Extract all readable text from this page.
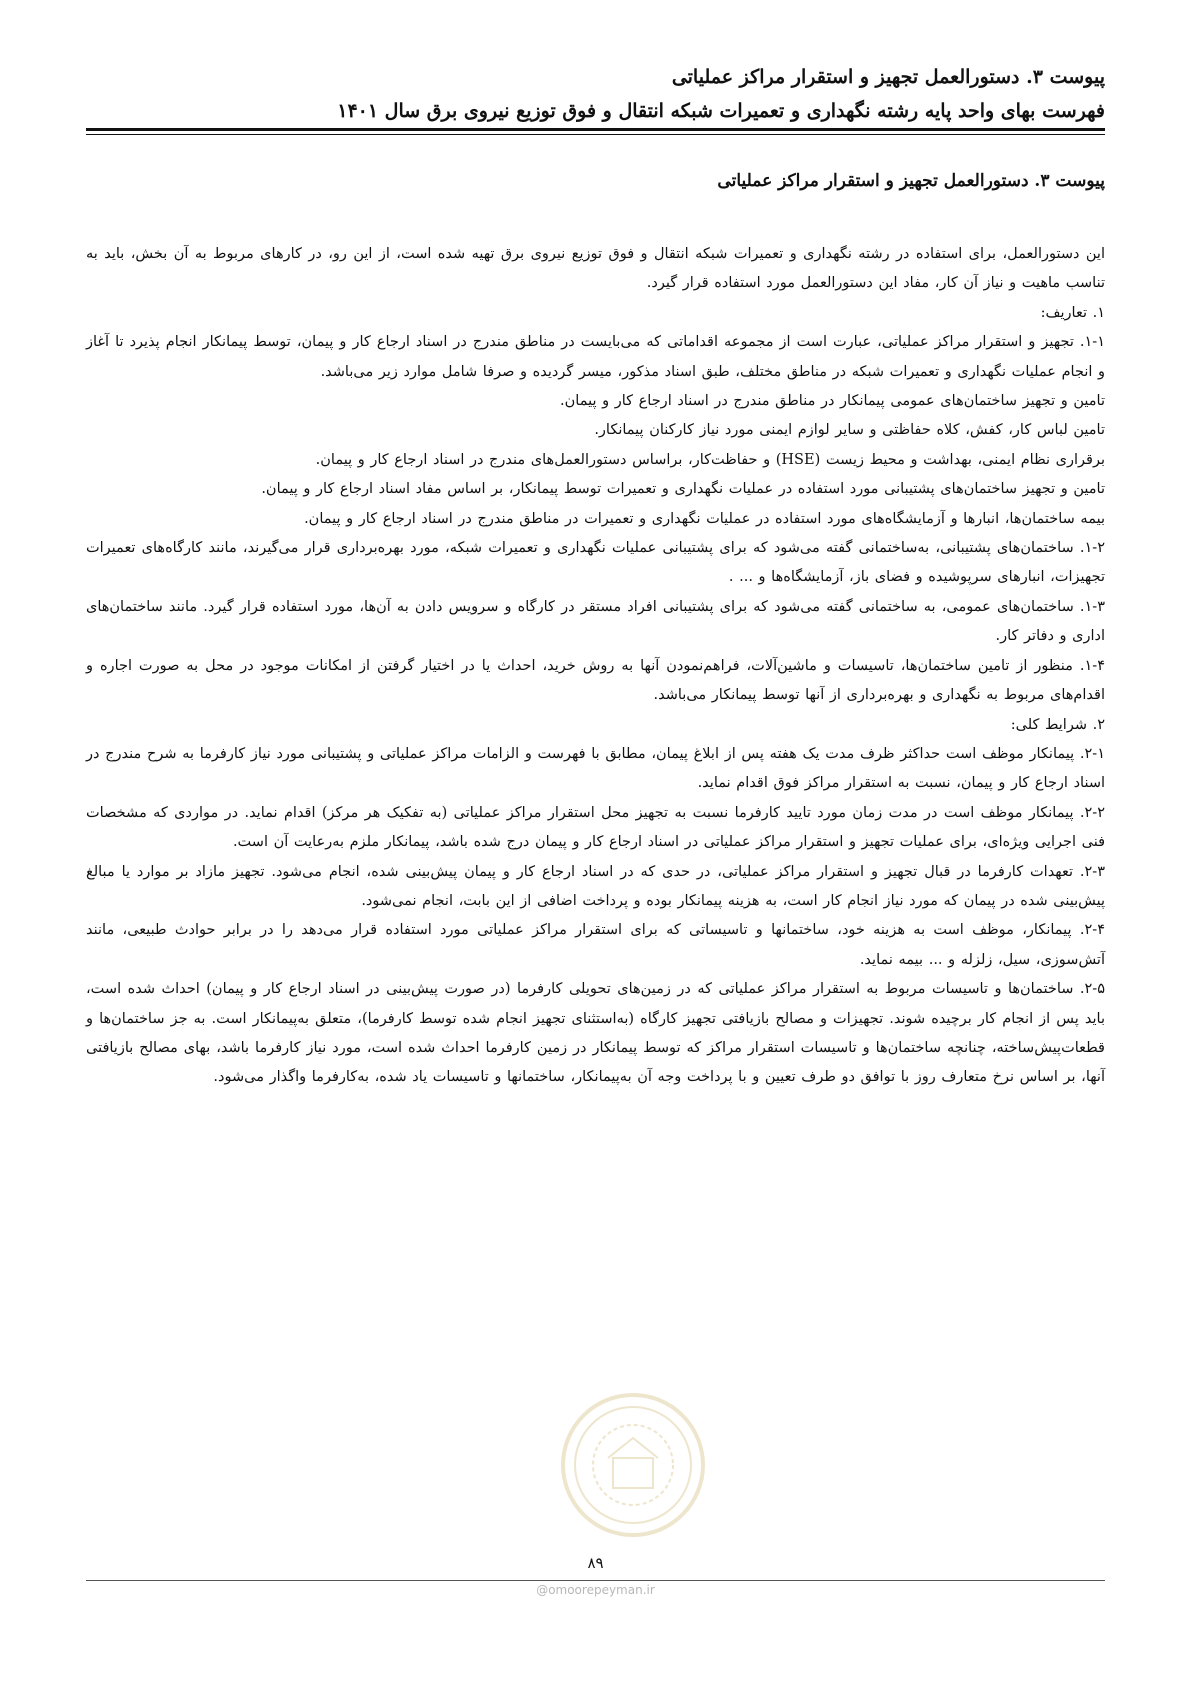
پیوست ۳. دستورالعمل تجهیز و استقرار مراکز عملیاتی
فهرست بهای واحد پایه رشته نگهداری و تعمیرات شبکه انتقال و فوق توزیع نیروی برق سال ۱۴۰۱
پیوست ۳. دستورالعمل تجهیز و استقرار مراکز عملیاتی

این دستورالعمل، برای استفاده در رشته نگهداری و تعمیرات شبکه انتقال و فوق توزیع نیروی برق تهیه شده است، از این رو، در کارهای مربوط به آن بخش، باید به تناسب ماهیت و نیاز آن کار، مفاد این دستورالعمل مورد استفاده قرار گیرد.

۱. تعاریف:

۱-۱. تجهیز و استقرار مراکز عملیاتی، عبارت است از مجموعه اقداماتی که می‌بایست در مناطق مندرج در اسناد ارجاع کار و پیمان، توسط پیمانکار انجام پذیرد تا آغاز و انجام عملیات نگهداری و تعمیرات شبکه در مناطق مختلف، طبق اسناد مذکور، میسر گردیده و صرفا شامل موارد زیر می‌باشد.

تامین و تجهیز ساختمان‌های عمومی پیمانکار در مناطق مندرج در اسناد ارجاع کار و پیمان.

تامین لباس کار، کفش، کلاه حفاظتی و سایر لوازم ایمنی مورد نیاز کارکنان پیمانکار.

برقراری نظام ایمنی، بهداشت و محیط زیست (HSE) و حفاظت‌کار، براساس دستورالعمل‌های مندرج در اسناد ارجاع کار و پیمان.

تامین و تجهیز ساختمان‌های پشتیبانی مورد استفاده در عملیات نگهداری و تعمیرات توسط پیمانکار، بر اساس مفاد اسناد ارجاع کار و پیمان.

بیمه ساختمان‌ها، انبارها و آزمایشگاه‌های مورد استفاده در عملیات نگهداری و تعمیرات در مناطق مندرج در اسناد ارجاع کار و پیمان.

۱-۲. ساختمان‌های پشتیبانی، به‌ساختمانی گفته می‌شود که برای پشتیبانی عملیات نگهداری و تعمیرات شبکه، مورد بهره‌برداری قرار می‌گیرند، مانند کارگاه‌های تعمیرات تجهیزات، انبارهای سرپوشیده و فضای باز، آزمایشگاه‌ها و ... .

۱-۳. ساختمان‌های عمومی، به ساختمانی گفته می‌شود که برای پشتیبانی افراد مستقر در کارگاه و سرویس دادن به آن‌ها، مورد استفاده قرار گیرد. مانند ساختمان‌های اداری و دفاتر کار.

۱-۴. منظور از تامین ساختمان‌ها، تاسیسات و ماشین‌آلات، فراهم‌نمودن آنها به روش خرید، احداث یا در اختیار گرفتن از امکانات موجود در محل به صورت اجاره و اقدام‌های مربوط به نگهداری و بهره‌برداری از آنها توسط پیمانکار می‌باشد.

۲. شرایط کلی:

۲-۱. پیمانکار موظف است حداکثر ظرف مدت یک هفته پس از ابلاغ پیمان، مطابق با فهرست و الزامات مراکز عملیاتی و پشتیبانی مورد نیاز کارفرما به شرح مندرج در اسناد ارجاع کار و پیمان، نسبت به استقرار مراکز فوق اقدام نماید.

۲-۲. پیمانکار موظف است در مدت زمان مورد تایید کارفرما نسبت به تجهیز محل استقرار مراکز عملیاتی (به تفکیک هر مرکز) اقدام نماید. در مواردی که مشخصات فنی اجرایی ویژه‌ای، برای عملیات تجهیز و استقرار مراکز عملیاتی در اسناد ارجاع کار و پیمان درج شده باشد، پیمانکار ملزم به‌رعایت آن است.

۲-۳. تعهدات کارفرما در قبال تجهیز و استقرار مراکز عملیاتی، در حدی که در اسناد ارجاع کار و پیمان پیش‌بینی شده، انجام می‌شود. تجهیز مازاد بر موارد یا مبالغ پیش‌بینی شده در پیمان که مورد نیاز انجام کار است، به هزینه پیمانکار بوده و پرداخت اضافی از این بابت، انجام نمی‌شود.

۲-۴. پیمانکار، موظف است به هزینه خود، ساختمانها و تاسیساتی که برای استقرار مراکز عملیاتی مورد استفاده قرار می‌دهد را در برابر حوادث طبیعی، مانند آتش‌سوزی، سیل، زلزله و ... بیمه نماید.

۲-۵. ساختمان‌ها و تاسیسات مربوط به استقرار مراکز عملیاتی که در زمین‌های تحویلی کارفرما (در صورت پیش‌بینی در اسناد ارجاع کار و پیمان) احداث شده است، باید پس از انجام کار برچیده شوند. تجهیزات و مصالح بازیافتی تجهیز کارگاه (به‌استثنای تجهیز انجام شده توسط کارفرما)، متعلق به‌پیمانکار است. به جز ساختمان‌ها و قطعات‌پیش‌ساخته، چنانچه ساختمان‌ها و تاسیسات استقرار مراکز که توسط پیمانکار در زمین کارفرما احداث شده است، مورد نیاز کارفرما باشد، بهای مصالح بازیافتی آنها، بر اساس نرخ متعارف روز با توافق دو طرف تعیین و با پرداخت وجه آن به‌پیمانکار، ساختمانها و تاسیسات یاد شده، به‌کارفرما واگذار می‌شود.

۸۹
@omoorepeyman.ir
